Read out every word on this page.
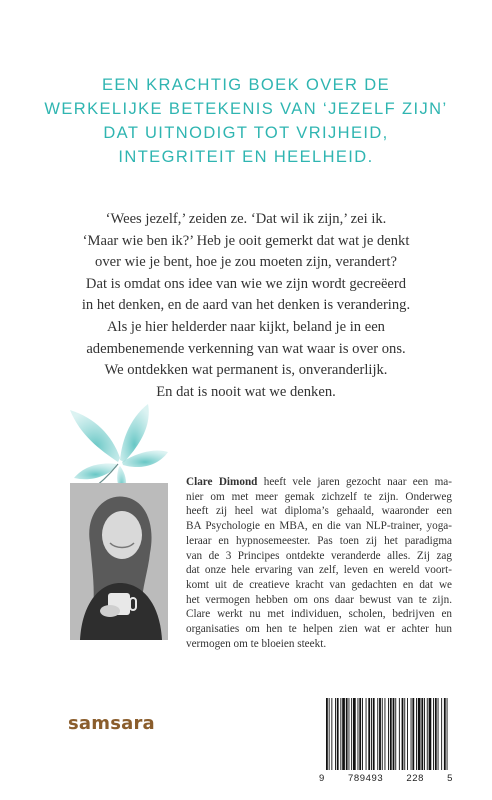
EEN KRACHTIG BOEK OVER DE
WERKELIJKE BETEKENIS VAN ‘JEZELF ZIJN’
DAT UITNODIGT TOT VRIJHEID,
INTEGRITEIT EN HEELHEID.
‘Wees jezelf,’ zeiden ze. ‘Dat wil ik zijn,’ zei ik.
‘Maar wie ben ik?’ Heb je ooit gemerkt dat wat je denkt
over wie je bent, hoe je zou moeten zijn, verandert?
Dat is omdat ons idee van wie we zijn wordt gecreëerd
in het denken, en de aard van het denken is verandering.
Als je hier helderder naar kijkt, beland je in een
adembenemende verkenning van wat waar is over ons.
We ontdekken wat permanent is, onveranderlijk.
En dat is nooit wat we denken.
Clare Dimond heeft vele jaren gezocht naar een ma-
nier om met meer gemak zichzelf te zijn. Onderweg
heeft zij heel wat diploma’s gehaald, waaronder een
BA Psychologie en MBA, en die van NLP-trainer, yoga-
leraar en hypnosemeester. Pas toen zij het paradigma
van de 3 Principes ontdekte veranderde alles. Zij zag
dat onze hele ervaring van zelf, leven en wereld voort-
komt uit de creatieve kracht van gedachten en dat we
het vermogen hebben om ons daar bewust van te zijn.
Clare werkt nu met individuen, scholen, bedrijven en
organisaties om hen te helpen zien wat er achter hun
vermogen om te bloeien steekt.
samsara
9 789493 228 5
